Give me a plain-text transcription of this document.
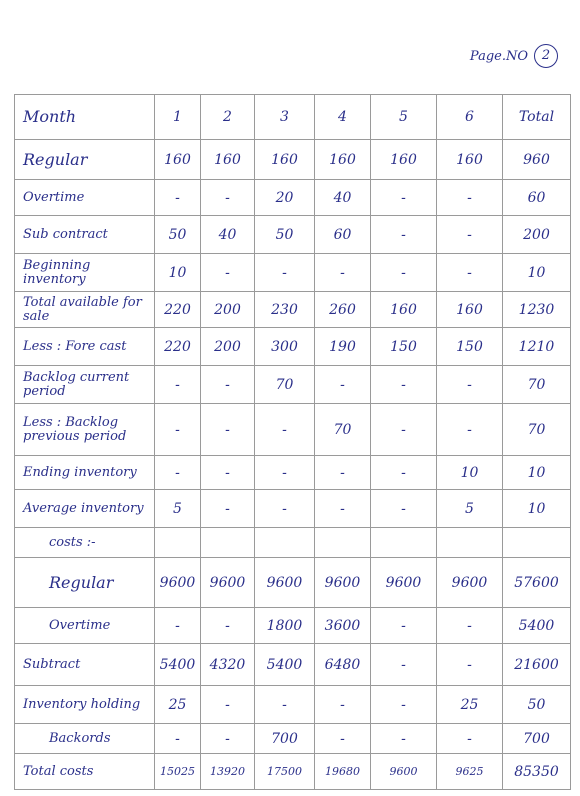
Page.NO	2
Month	1	2	3	4	5	6	Total
Regular	160	160	160	160	160	160	960
Overtime	-	-	20	40	-	-	60
Sub contract	50	40	50	60	-	-	200
Beginning inventory	10	-	-	-	-	-	10
Total available for sale	220	200	230	260	160	160	1230
Less : Fore cast	220	200	300	190	150	150	1210
Backlog current period	-	-	70	-	-	-	70
Less : Backlog previous period	-	-	-	70	-	-	70
Ending inventory	-	-	-	-	-	10	10
Average inventory	5	-	-	-	-	5	10
costs :-							
Regular	9600	9600	9600	9600	9600	9600	57600
Overtime	-	-	1800	3600	-	-	5400
Subtract	5400	4320	5400	6480	-	-	21600
Inventory holding	25	-	-	-	-	25	50
Backords	-	-	700	-	-	-	700
Total costs	15025	13920	17500	19680	9600	9625	85350
